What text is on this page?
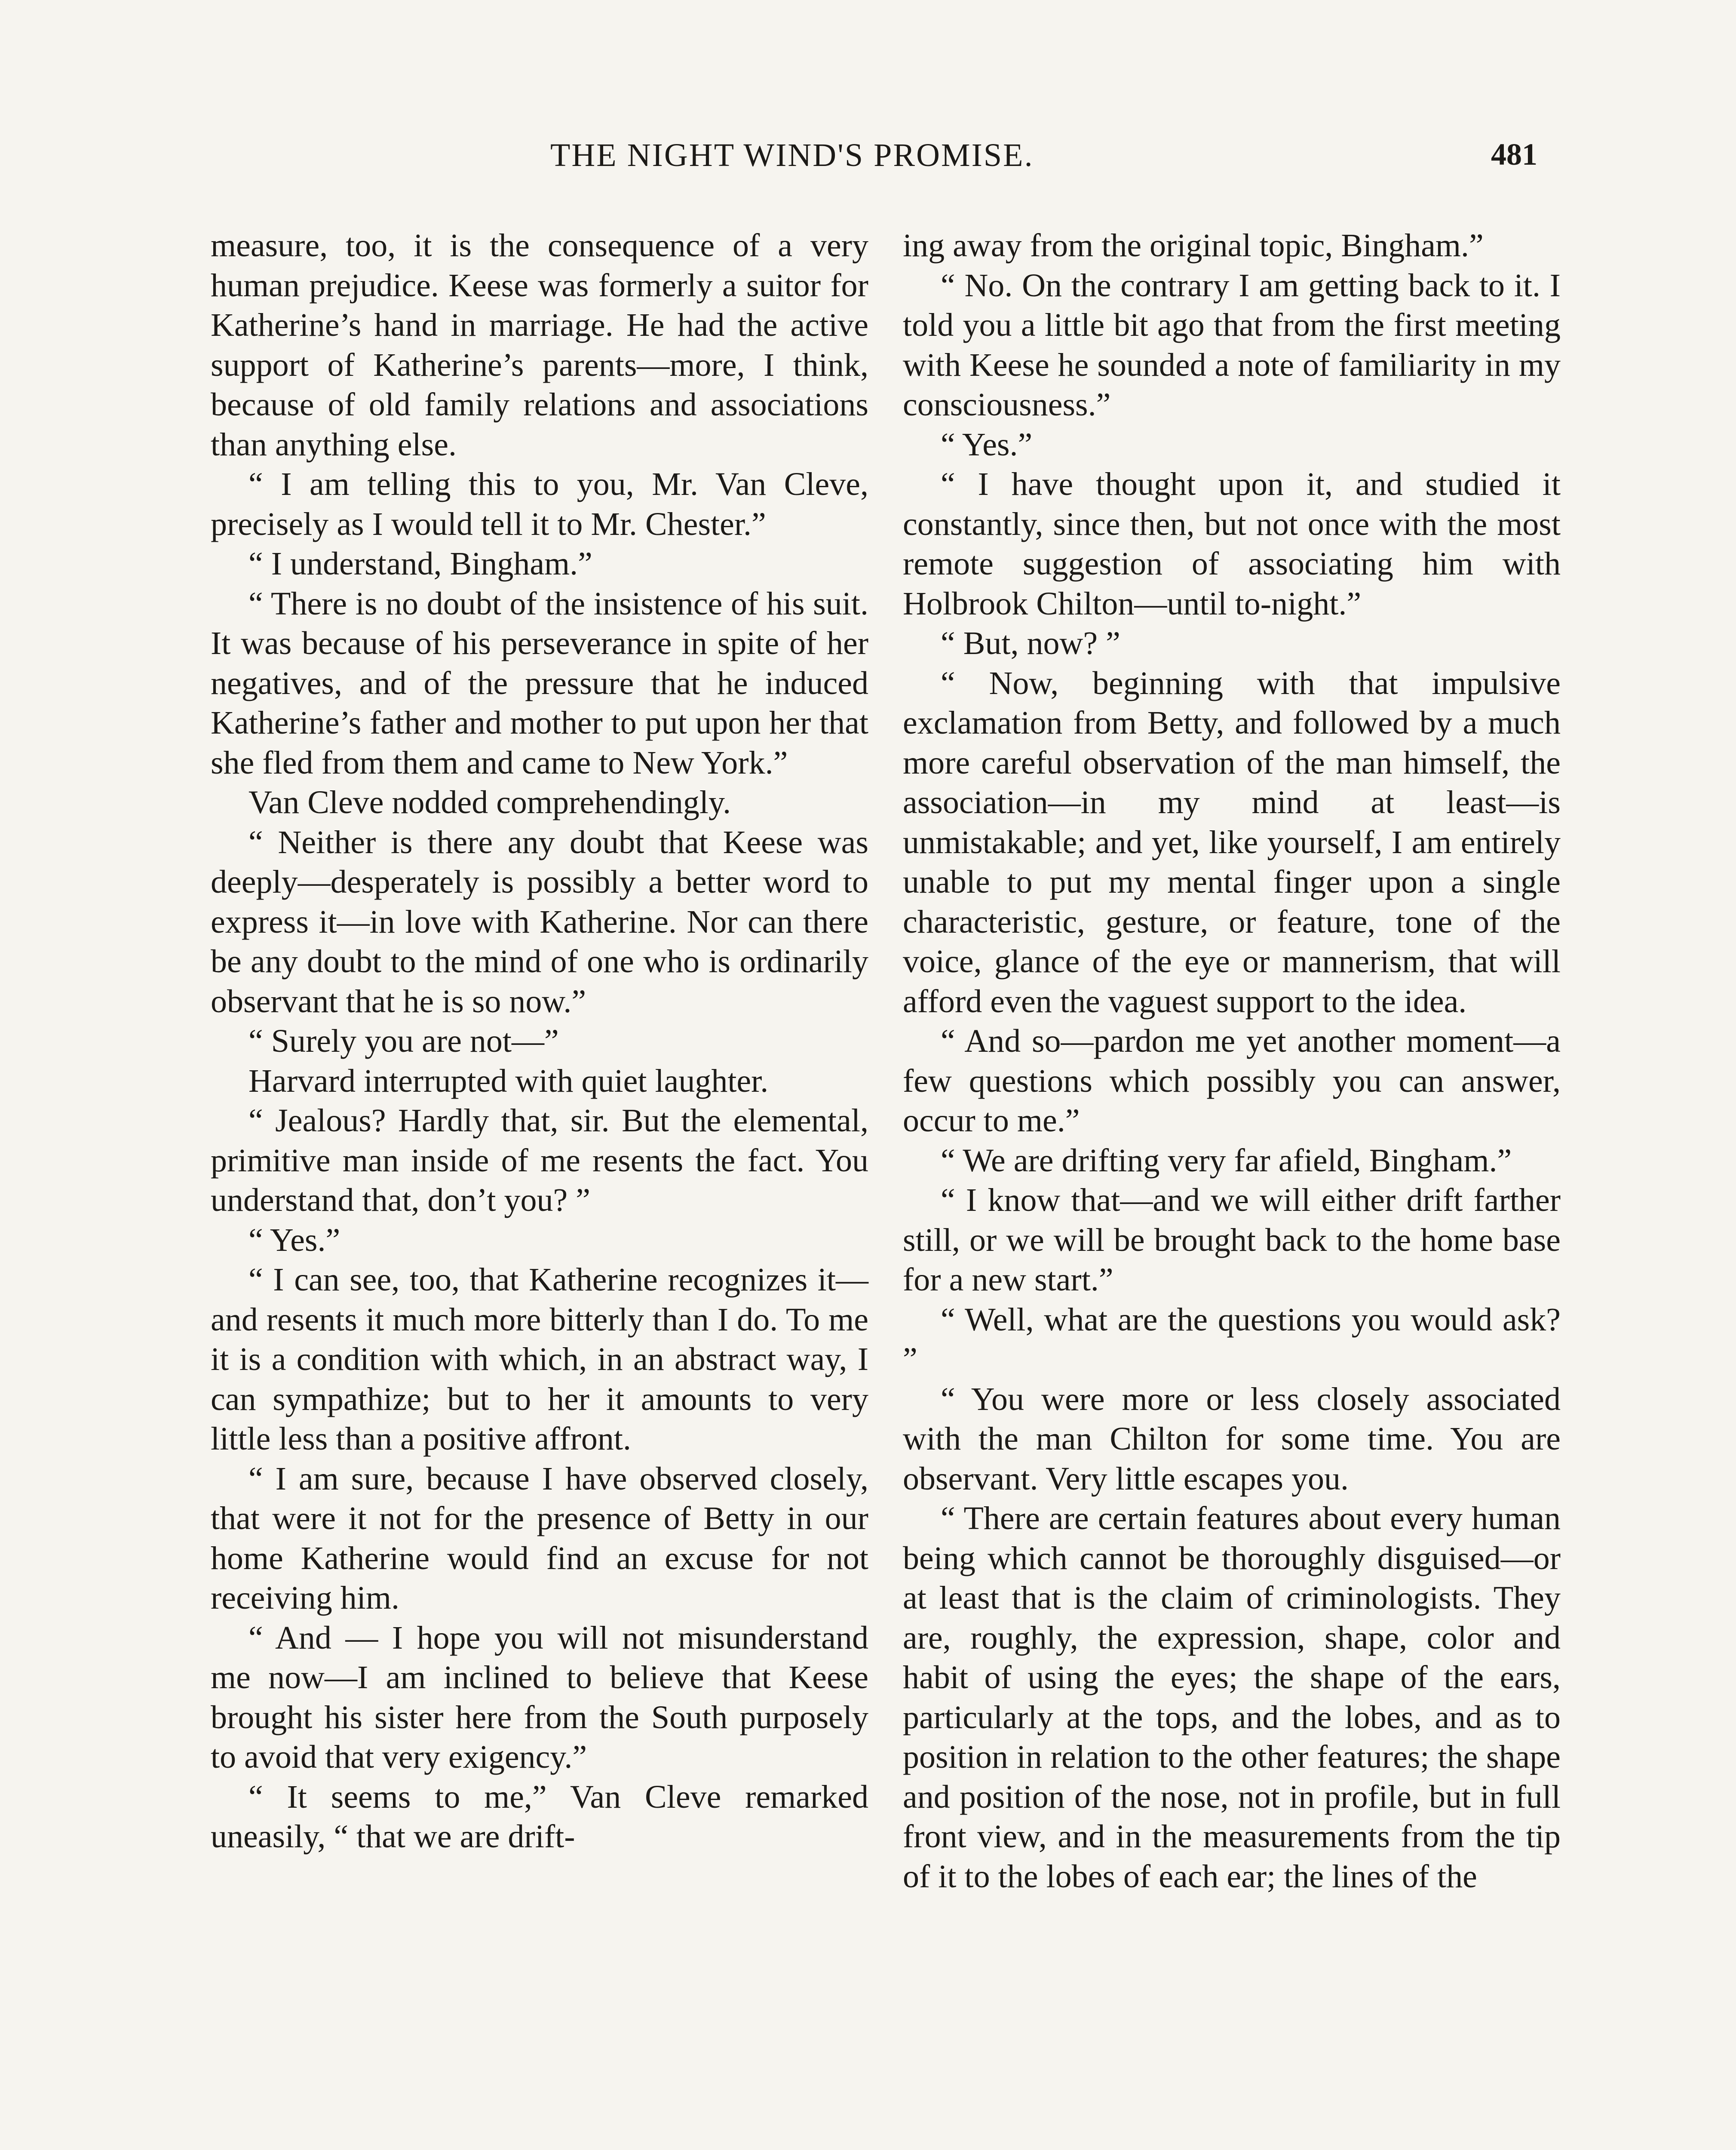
THE NIGHT WIND'S PROMISE.	481

measure, too, it is the consequence of a very human prejudice. Keese was formerly a suitor for Katherine’s hand in marriage. He had the active support of Katherine’s parents—more, I think, because of old family relations and associations than anything else.

“ I am telling this to you, Mr. Van Cleve, precisely as I would tell it to Mr. Chester.”

“ I understand, Bingham.”

“ There is no doubt of the insistence of his suit. It was because of his perseverance in spite of her negatives, and of the pressure that he induced Katherine’s father and mother to put upon her that she fled from them and came to New York.”

Van Cleve nodded comprehendingly.

“ Neither is there any doubt that Keese was deeply—desperately is possibly a better word to express it—in love with Katherine. Nor can there be any doubt to the mind of one who is ordinarily observant that he is so now.”

“ Surely you are not—”

Harvard interrupted with quiet laughter.

“ Jealous? Hardly that, sir. But the elemental, primitive man inside of me resents the fact. You understand that, don’t you? ”

“ Yes.”

“ I can see, too, that Katherine recognizes it—and resents it much more bitterly than I do. To me it is a condition with which, in an abstract way, I can sympathize; but to her it amounts to very little less than a positive affront.

“ I am sure, because I have observed closely, that were it not for the presence of Betty in our home Katherine would find an excuse for not receiving him.

“ And — I hope you will not misunderstand me now—I am inclined to believe that Keese brought his sister here from the South purposely to avoid that very exigency.”

“ It seems to me,” Van Cleve remarked uneasily, “ that we are drift-

ing away from the original topic, Bingham.”

“ No. On the contrary I am getting back to it. I told you a little bit ago that from the first meeting with Keese he sounded a note of familiarity in my consciousness.”

“ Yes.”

“ I have thought upon it, and studied it constantly, since then, but not once with the most remote suggestion of associating him with Holbrook Chilton—until to-night.”

“ But, now? ”

“ Now, beginning with that impulsive exclamation from Betty, and followed by a much more careful observation of the man himself, the association—in my mind at least—is unmistakable; and yet, like yourself, I am entirely unable to put my mental finger upon a single characteristic, gesture, or feature, tone of the voice, glance of the eye or mannerism, that will afford even the vaguest support to the idea.

“ And so—pardon me yet another moment—a few questions which possibly you can answer, occur to me.”

“ We are drifting very far afield, Bingham.”

“ I know that—and we will either drift farther still, or we will be brought back to the home base for a new start.”

“ Well, what are the questions you would ask? ”

“ You were more or less closely associated with the man Chilton for some time. You are observant. Very little escapes you.

“ There are certain features about every human being which cannot be thoroughly disguised—or at least that is the claim of criminologists. They are, roughly, the expression, shape, color and habit of using the eyes; the shape of the ears, particularly at the tops, and the lobes, and as to position in relation to the other features; the shape and position of the nose, not in profile, but in full front view, and in the measurements from the tip of it to the lobes of each ear; the lines of the
